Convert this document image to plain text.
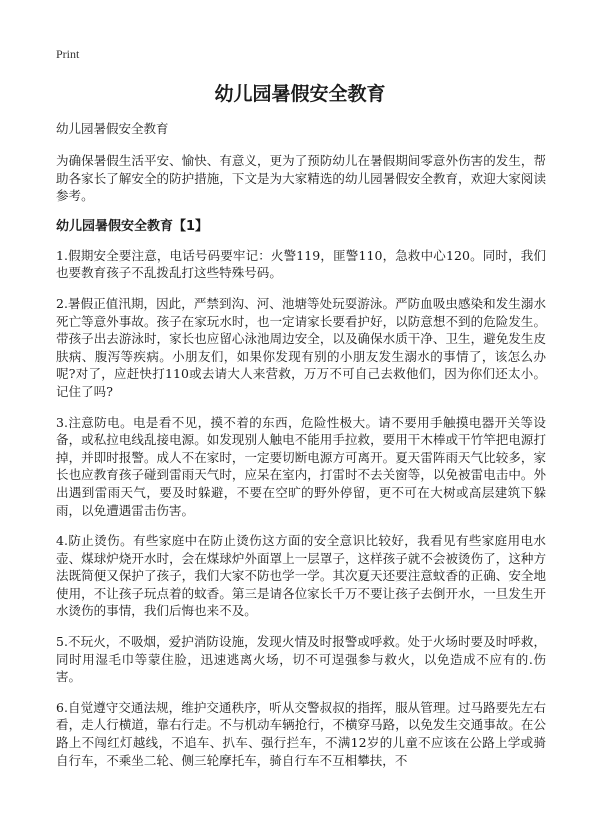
Print
幼儿园暑假安全教育

幼儿园暑假安全教育

为确保暑假生活平安、愉快、有意义，更为了预防幼儿在暑假期间零意外伤害的发生，帮助各家长了解安全的防护措施，下文是为大家精选的幼儿园暑假安全教育，欢迎大家阅读参考。

幼儿园暑假安全教育【1】

1.假期安全要注意，电话号码要牢记：火警119，匪警110，急救中心120。同时，我们也要教育孩子不乱拨乱打这些特殊号码。

2.暑假正值汛期，因此，严禁到沟、河、池塘等处玩耍游泳。严防血吸虫感染和发生溺水死亡等意外事故。孩子在家玩水时，也一定请家长要看护好，以防意想不到的危险发生。带孩子出去游泳时，家长也应留心泳池周边安全，以及确保水质干净、卫生，避免发生皮肤病、腹泻等疾病。小朋友们，如果你发现有别的小朋友发生溺水的事情了，该怎么办呢?对了，应赶快打110或去请大人来营救，万万不可自己去救他们，因为你们还太小。记住了吗?

3.注意防电。电是看不见，摸不着的东西，危险性极大。请不要用手触摸电器开关等设备，或私拉电线乱接电源。如发现别人触电不能用手拉救，要用干木棒或干竹竿把电源打掉，并即时报警。成人不在家时，一定要切断电源方可离开。夏天雷阵雨天气比较多，家长也应教育孩子碰到雷雨天气时，应呆在室内，打雷时不去关窗等，以免被雷电击中。外出遇到雷雨天气，要及时躲避，不要在空旷的野外停留，更不可在大树或高层建筑下躲雨，以免遭遇雷击伤害。

4.防止烫伤。有些家庭中在防止烫伤这方面的安全意识比较好，我看见有些家庭用电水壶、煤球炉烧开水时，会在煤球炉外面罩上一层罩子，这样孩子就不会被烫伤了，这种方法既简便又保护了孩子，我们大家不防也学一学。其次夏天还要注意蚊香的正确、安全地使用，不让孩子玩点着的蚊香。第三是请各位家长千万不要让孩子去倒开水，一旦发生开水烫伤的事情，我们后悔也来不及。

5.不玩火，不吸烟，爱护消防设施，发现火情及时报警或呼救。处于火场时要及时呼救，同时用湿毛巾等蒙住脸，迅速逃离火场，切不可逞强参与救火，以免造成不应有的.伤害。

6.自觉遵守交通法规，维护交通秩序，听从交警叔叔的指挥，服从管理。过马路要先左右看，走人行横道，靠右行走。不与机动车辆抢行，不横穿马路，以免发生交通事故。在公路上不闯红灯越线，不追车、扒车、强行拦车，不满12岁的儿童不应该在公路上学或骑自行车，不乘坐二轮、侧三轮摩托车，骑自行车不互相攀扶，不
